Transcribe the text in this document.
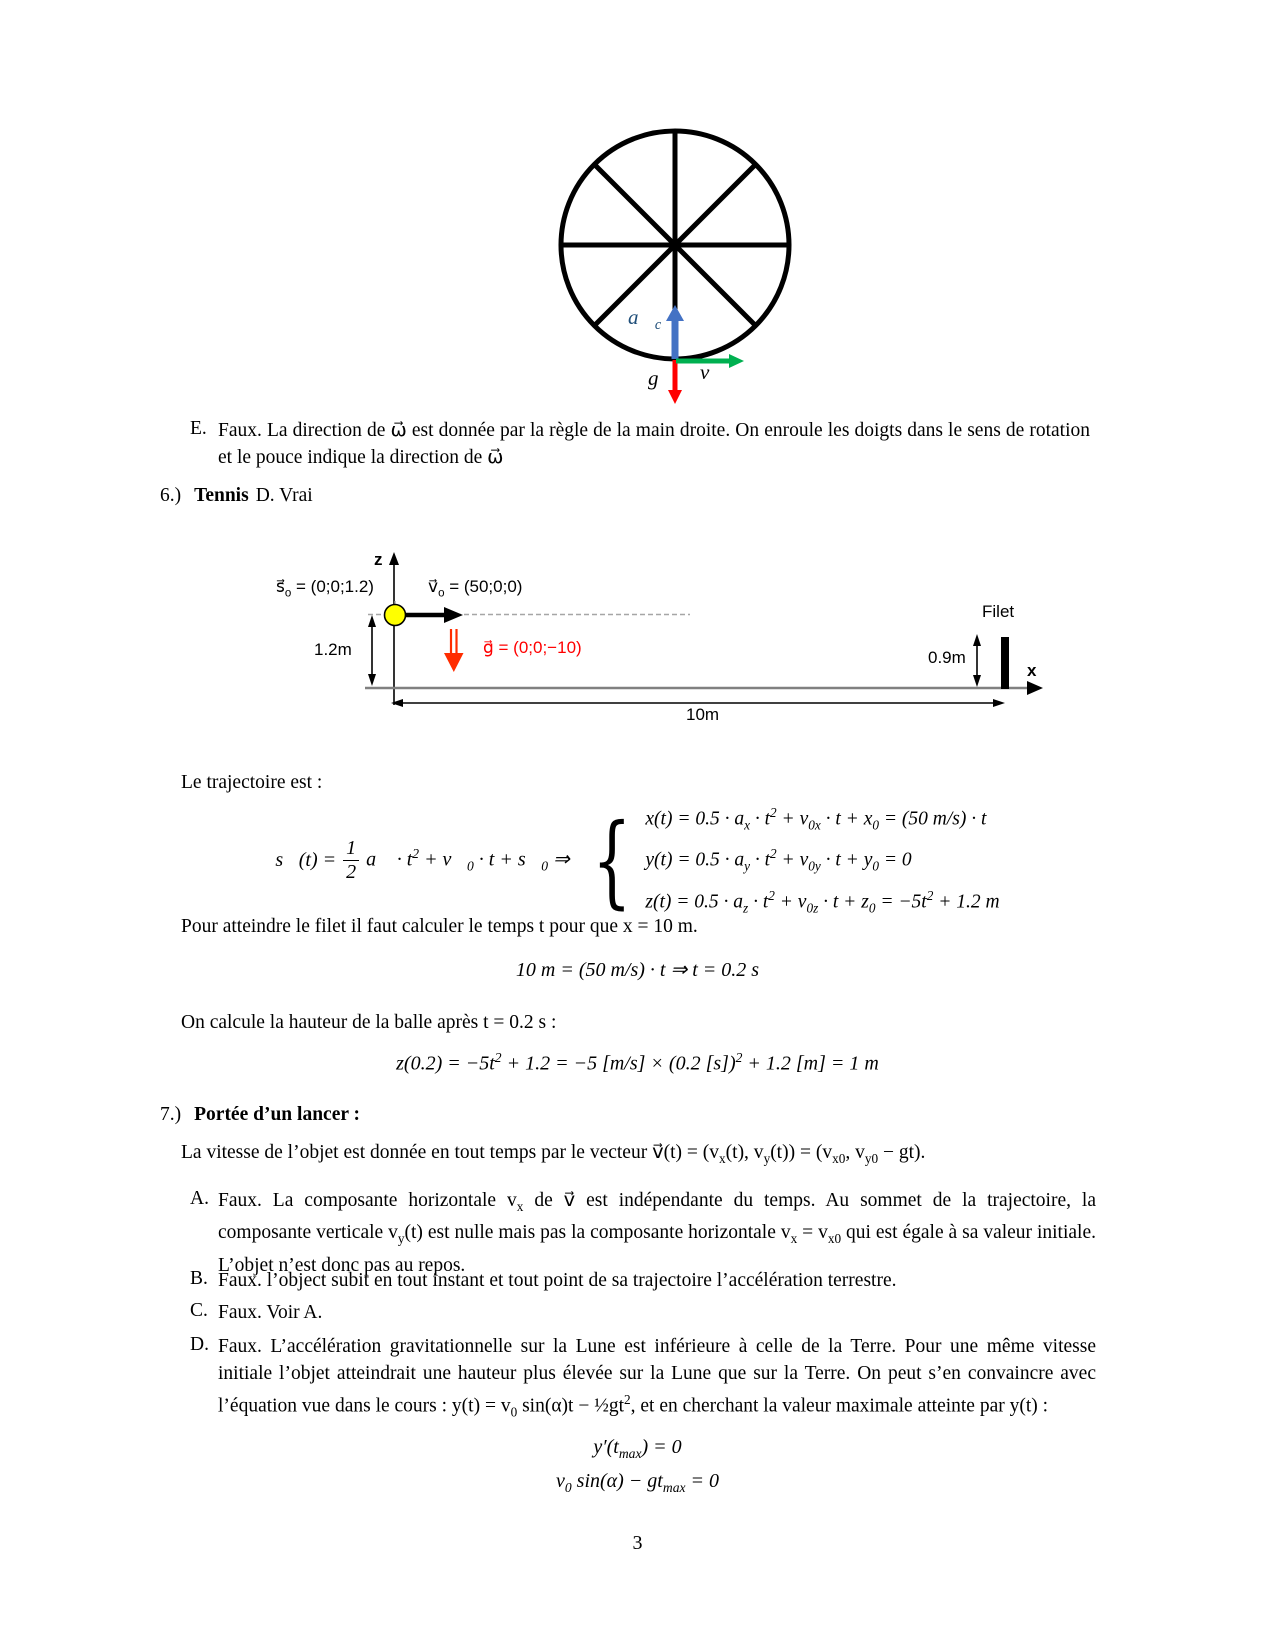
$a⃗_c$
g⃗ v⃗
E. Faux. La direction de ω⃗ est donnée par la règle de la main droite. On enroule les doigts dans le sens de rotation et le pouce indique la direction de ω⃗
6.) Tennis D. Vrai
z
$s⃗_o$ = (0;0;1.2)	$v⃗_o$ = (50;0;0)
1.2m	g⃗ = (0;0;−10)
0.9m
Filet
x
10m
Le trajectoire est :
s⃗(t) = $\frac{1}{2}$ a⃗ · $t^2$ + $v⃗_0 \cdot t$ + $s⃗_0$ ⇒ { $x(t) = 0.5 \cdot a_x \cdot t^2 + v_{0x} \cdot t + x_0 = (50$ m/s) · t
$y(t) = 0.5 \cdot a_y \cdot t^2 + v_{0y} \cdot t + y_0 = 0$
$z(t) = 0.5 \cdot a_z \cdot t^2 + v_{0z} \cdot t + z_0 = -5t^2 + 1.2$ m
Pour atteindre le filet il faut calculer le temps t pour que x = 10 m.
10 m = (50 m/s) · t ⇒ t = 0.2 s
On calcule la hauteur de la balle après t = 0.2 s :
$z(0.2) = -5t^2 + 1.2 = -5$ [m/s] × (0.2 [s])$^2$ + 1.2 [m] = 1 m
7.) Portée d’un lancer :
La vitesse de l’objet est donnée en tout temps par le vecteur v⃗(t) = ($v_x(t)$, $v_y(t)) = (v_{x0}$, $v_{y0} - gt$).
A. Faux. La composante horizontale $v_x$ de v⃗ est indépendante du temps. Au sommet de la trajectoire, la composante verticale $v_y(t)$ est nulle mais pas la composante horizontale $v_x = v_{x0}$ qui est égale à sa valeur initiale. L’objet n’est donc pas au repos.
B. Faux. l’object subit en tout instant et tout point de sa trajectoire l’accélération terrestre.
C. Faux. Voir A.
D. Faux. L’accélération gravitationnelle sur la Lune est inférieure à celle de la Terre. Pour une même vitesse initiale l’objet atteindrait une hauteur plus élevée sur la Lune que sur la Terre. On peut s’en convaincre avec l’équation vue dans le cours : $y(t) = v_0$ $\sin(\alpha)t - \frac{1}{2}gt^2$, et en cherchant la valeur maximale atteinte par y(t) :
$y'(t_{max}) = 0$
$v_0$ $\sin(\alpha) - gt_{max} = 0$
3
